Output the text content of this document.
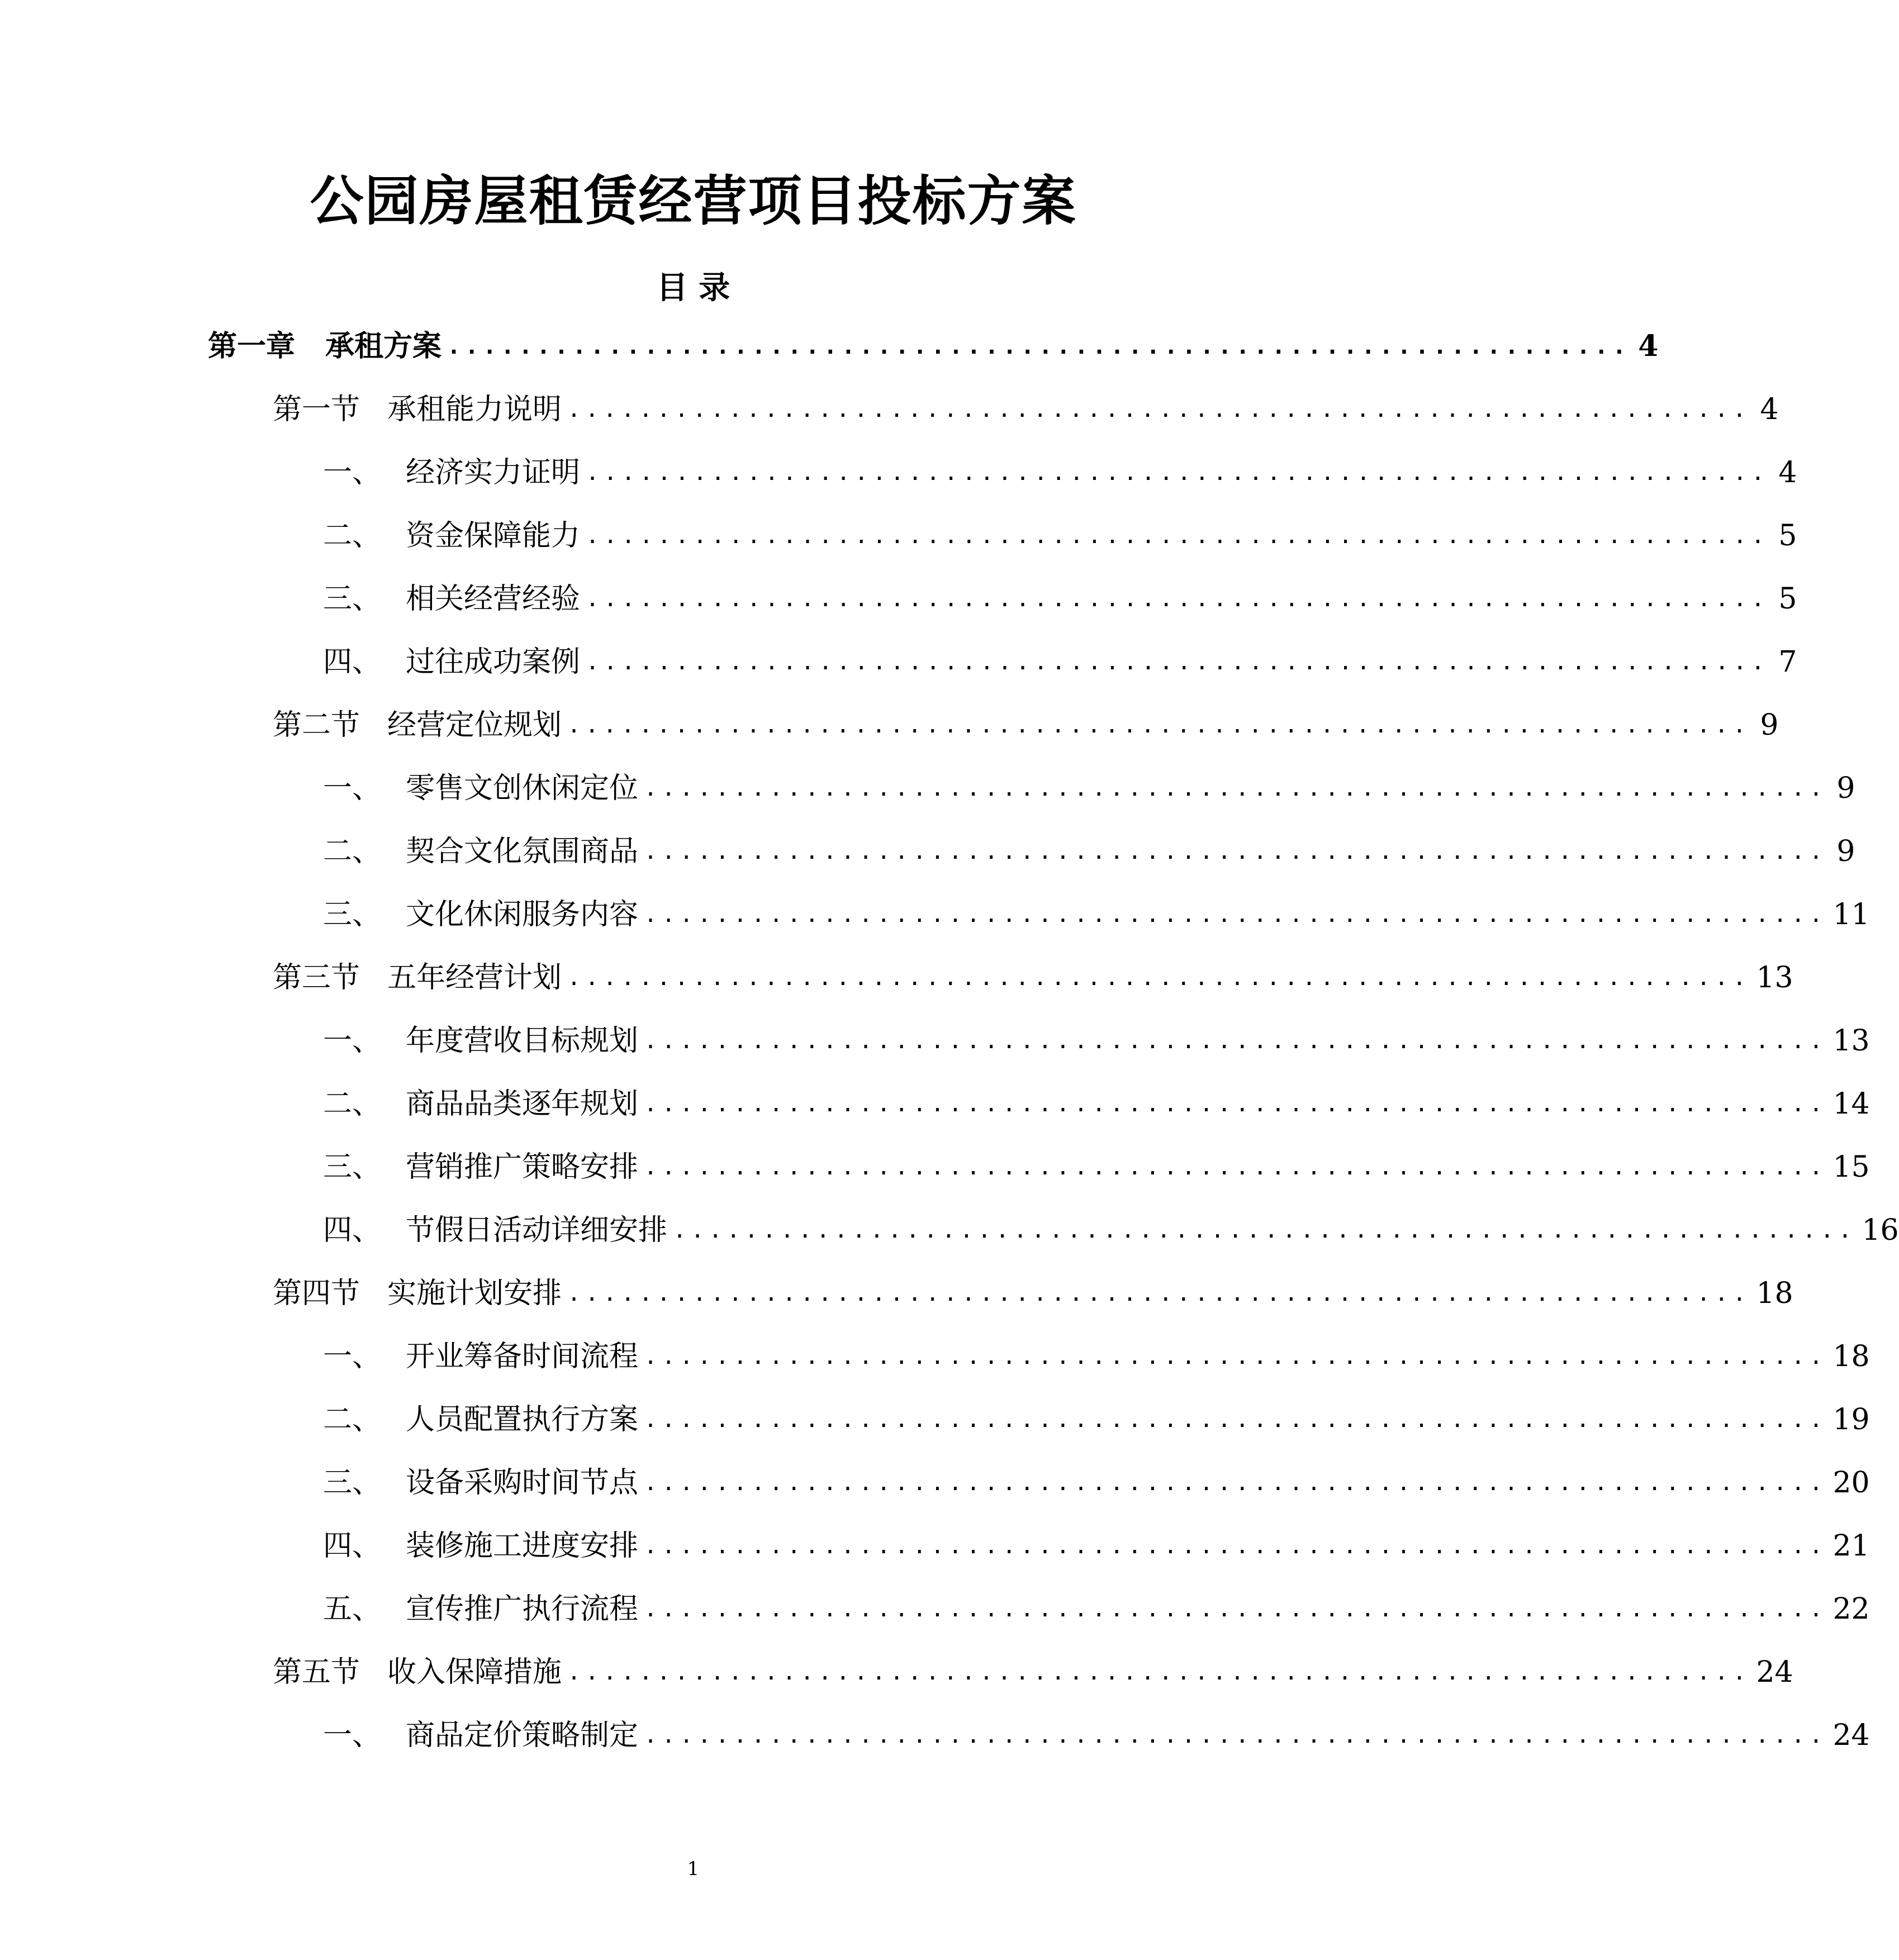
公园房屋租赁经营项目投标方案
目 录
第一章	承租方案 .................................................................. 4
第一节 承租能力说明 .................................................................. 4
一、 经济实力证明 .................................................................. 4
二、 资金保障能力 .................................................................. 5
三、 相关经营经验 .................................................................. 5
四、 过往成功案例 .................................................................. 7
第二节 经营定位规划 .................................................................. 9
一、 零售文创休闲定位 .................................................................. 9
二、 契合文化氛围商品 .................................................................. 9
三、 文化休闲服务内容 .................................................................. 11
第三节 五年经营计划 .................................................................. 13
一、 年度营收目标规划 .................................................................. 13
二、 商品品类逐年规划 .................................................................. 14
三、 营销推广策略安排 .................................................................. 15
四、 节假日活动详细安排 .................................................................. 16
第四节 实施计划安排 .................................................................. 18
一、 开业筹备时间流程 .................................................................. 18
二、 人员配置执行方案 .................................................................. 19
三、 设备采购时间节点 .................................................................. 20
四、 装修施工进度安排 .................................................................. 21
五、 宣传推广执行流程 .................................................................. 22
第五节 收入保障措施 .................................................................. 24
一、 商品定价策略制定 .................................................................. 24
1
